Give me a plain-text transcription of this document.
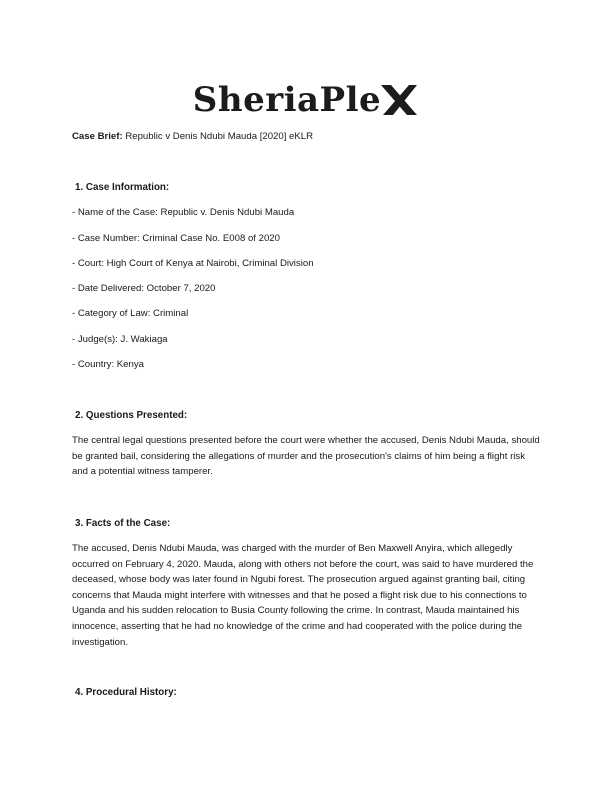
SheriaPle
Case Brief: Republic v Denis Ndubi Mauda [2020] eKLR
1. Case Information:
- Name of the Case: Republic v. Denis Ndubi Mauda
- Case Number: Criminal Case No. E008 of 2020
- Court: High Court of Kenya at Nairobi, Criminal Division
- Date Delivered: October 7, 2020
- Category of Law: Criminal
- Judge(s): J. Wakiaga
- Country: Kenya
2. Questions Presented:
The central legal questions presented before the court were whether the accused, Denis Ndubi Mauda, should be granted bail, considering the allegations of murder and the prosecution's claims of him being a flight risk and a potential witness tamperer.
3. Facts of the Case:
The accused, Denis Ndubi Mauda, was charged with the murder of Ben Maxwell Anyira, which allegedly occurred on February 4, 2020. Mauda, along with others not before the court, was said to have murdered the deceased, whose body was later found in Ngubi forest. The prosecution argued against granting bail, citing concerns that Mauda might interfere with witnesses and that he posed a flight risk due to his connections to Uganda and his sudden relocation to Busia County following the crime. In contrast, Mauda maintained his innocence, asserting that he had no knowledge of the crime and had cooperated with the police during the investigation.
4. Procedural History:
